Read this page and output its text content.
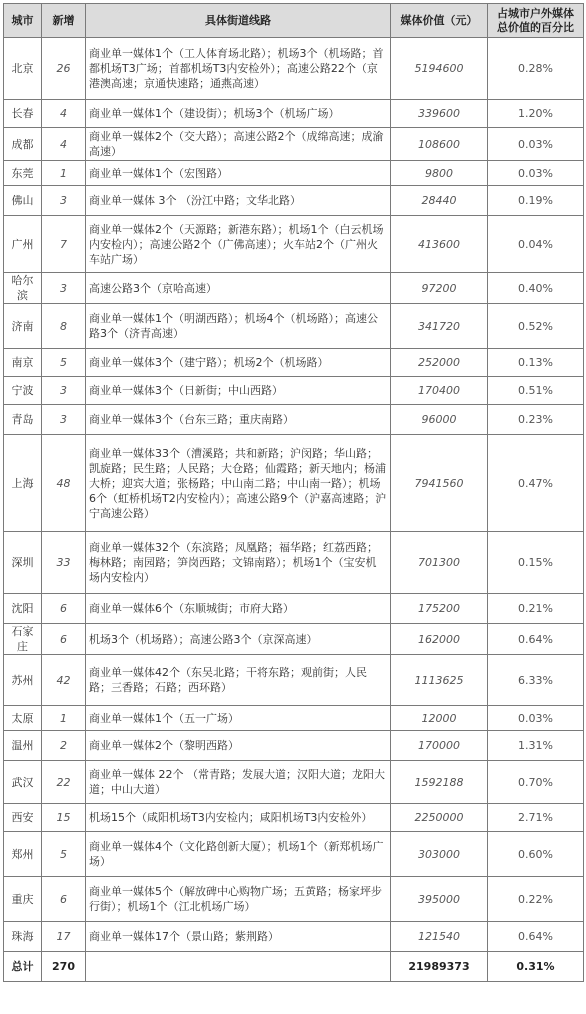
城市	新增	具体街道线路	媒体价值（元）	占城市户外媒体总价值的百分比
北京	26	商业单一媒体1个（工人体育场北路）；机场3个（机场路；首都机场T3广场；首都机场T3内安检外）；高速公路22个（京港澳高速；京通快速路；通燕高速）	5194600	0.28%
长春	4	商业单一媒体1个（建设街）；机场3个（机场广场）	339600	1.20%
成都	4	商业单一媒体2个（交大路）；高速公路2个（成绵高速；成渝高速）	108600	0.03%
东莞	1	商业单一媒体1个（宏图路）	9800	0.03%
佛山	3	商业单一媒体 3个 （汾江中路；文华北路）	28440	0.19%
广州	7	商业单一媒体2个（天源路；新港东路）；机场1个（白云机场内安检内）；高速公路2个（广佛高速）；火车站2个（广州火车站广场）	413600	0.04%
哈尔滨	3	高速公路3个（京哈高速）	97200	0.40%
济南	8	商业单一媒体1个（明湖西路）；机场4个（机场路）；高速公路3个（济青高速）	341720	0.52%
南京	5	商业单一媒体3个（建宁路）；机场2个（机场路）	252000	0.13%
宁波	3	商业单一媒体3个（日新街；中山西路）	170400	0.51%
青岛	3	商业单一媒体3个（台东三路；重庆南路）	96000	0.23%
上海	48	商业单一媒体33个（漕溪路；共和新路；沪闵路；华山路；凯旋路；民生路；人民路；大仓路；仙霞路；新天地内；杨浦大桥；迎宾大道；张杨路；中山南二路；中山南一路）；机场6个（虹桥机场T2内安检内）；高速公路9个（沪嘉高速路；沪宁高速公路）	7941560	0.47%
深圳	33	商业单一媒体32个（东滨路；凤凰路；福华路；红荔西路；梅林路；南园路；笋岗西路；文锦南路）；机场1个（宝安机场内安检内）	701300	0.15%
沈阳	6	商业单一媒体6个（东顺城街；市府大路）	175200	0.21%
石家庄	6	机场3个（机场路）；高速公路3个（京深高速）	162000	0.64%
苏州	42	商业单一媒体42个（东吴北路；干将东路；观前街；人民路；三香路；石路；西环路）	1113625	6.33%
太原	1	商业单一媒体1个（五一广场）	12000	0.03%
温州	2	商业单一媒体2个（黎明西路）	170000	1.31%
武汉	22	商业单一媒体 22个 （常青路；发展大道；汉阳大道；龙阳大道；中山大道）	1592188	0.70%
西安	15	机场15个（咸阳机场T3内安检内；咸阳机场T3内安检外）	2250000	2.71%
郑州	5	商业单一媒体4个（文化路创新大厦）；机场1个（新郑机场广场）	303000	0.60%
重庆	6	商业单一媒体5个（解放碑中心购物广场；五黄路；杨家坪步行街）；机场1个（江北机场广场）	395000	0.22%
珠海	17	商业单一媒体17个（景山路；紫荆路）	121540	0.64%
总计	270		21989373	0.31%
